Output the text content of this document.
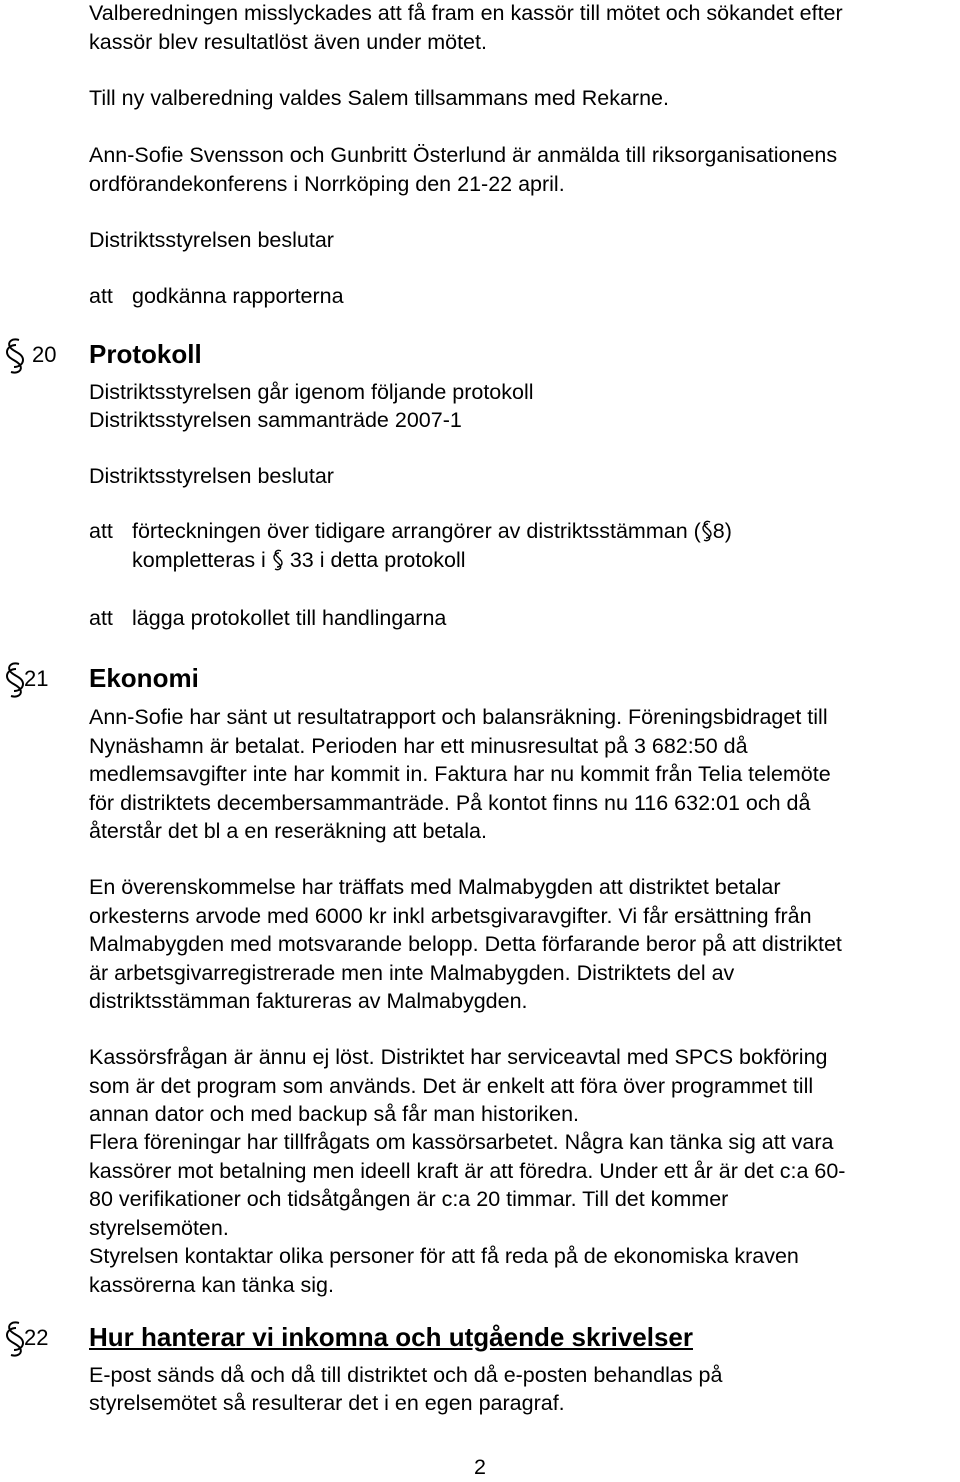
Valberedningen misslyckades att få fram en kassör till mötet och sökandet efter
kassör blev resultatlöst även under mötet.
Till ny valberedning valdes Salem tillsammans med Rekarne.
Ann-Sofie Svensson och Gunbritt Österlund är anmälda till riksorganisationens
ordförandekonferens i Norrköping den 21-22 april.
Distriktsstyrelsen beslutar
att godkänna rapporterna
20 Protokoll
Distriktsstyrelsen går igenom följande protokoll
Distriktsstyrelsen sammanträde 2007-1
Distriktsstyrelsen beslutar
att förteckningen över tidigare arrangörer av distriktsstämman ( 8)
kompletteras i 33 i detta protokoll
att lägga protokollet till handlingarna
21 Ekonomi
Ann-Sofie har sänt ut resultatrapport och balansräkning. Föreningsbidraget till
Nynäshamn är betalat. Perioden har ett minusresultat på 3 682:50 då
medlemsavgifter inte har kommit in. Faktura har nu kommit från Telia telemöte
för distriktets decembersammanträde. På kontot finns nu 116 632:01 och då
återstår det bl a en reseräkning att betala.
En överenskommelse har träffats med Malmabygden att distriktet betalar
orkesterns arvode med 6000 kr inkl arbetsgivaravgifter. Vi får ersättning från
Malmabygden med motsvarande belopp. Detta förfarande beror på att distriktet
är arbetsgivarregistrerade men inte Malmabygden. Distriktets del av
distriktsstämman faktureras av Malmabygden.
Kassörsfrågan är ännu ej löst. Distriktet har serviceavtal med SPCS bokföring
som är det program som används. Det är enkelt att föra över programmet till
annan dator och med backup så får man historiken.
Flera föreningar har tillfrågats om kassörsarbetet. Några kan tänka sig att vara
kassörer mot betalning men ideell kraft är att föredra. Under ett år är det c:a 60-
80 verifikationer och tidsåtgången är c:a 20 timmar. Till det kommer
styrelsemöten.
Styrelsen kontaktar olika personer för att få reda på de ekonomiska kraven
kassörerna kan tänka sig.
22 Hur hanterar vi inkomna och utgående skrivelser
E-post sänds då och då till distriktet och då e-posten behandlas på
styrelsemötet så resulterar det i en egen paragraf.
2
